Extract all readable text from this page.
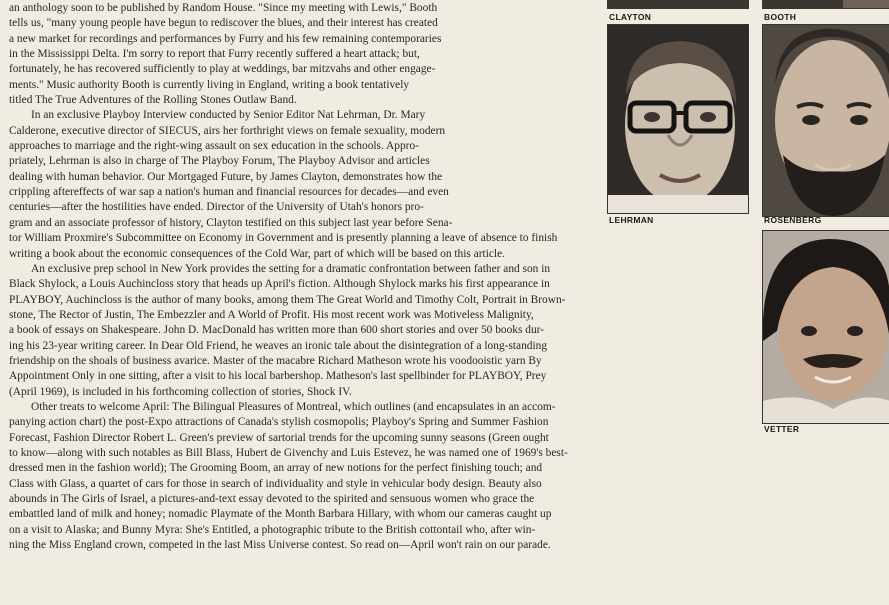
an anthology soon to be published by Random House. "Since my meeting with Lewis," Booth
tells us, "many young people have begun to rediscover the blues, and their interest has created
a new market for recordings and performances by Furry and his few remaining contemporaries
in the Mississippi Delta. I'm sorry to report that Furry recently suffered a heart attack; but,
fortunately, he has recovered sufficiently to play at weddings, bar mitzvahs and other engage-
ments." Music authority Booth is currently living in England, writing a book tentatively
titled The True Adventures of the Rolling Stones Outlaw Band.
In an exclusive Playboy Interview conducted by Senior Editor Nat Lehrman, Dr. Mary
Calderone, executive director of SIECUS, airs her forthright views on female sexuality, modern
approaches to marriage and the right-wing assault on sex education in the schools. Appro-
priately, Lehrman is also in charge of The Playboy Forum, The Playboy Advisor and articles
dealing with human behavior. Our Mortgaged Future, by James Clayton, demonstrates how the
crippling aftereffects of war sap a nation's human and financial resources for decades—and even
centuries—after the hostilities have ended. Director of the University of Utah's honors pro-
gram and an associate professor of history, Clayton testified on this subject last year before Sena-
tor William Proxmire's Subcommittee on Economy in Government and is presently planning a leave of absence to finish
writing a book about the economic consequences of the Cold War, part of which will be based on this article.
An exclusive prep school in New York provides the setting for a dramatic confrontation between father and son in
Black Shylock, a Louis Auchincloss story that heads up April's fiction. Although Shylock marks his first appearance in
PLAYBOY, Auchincloss is the author of many books, among them The Great World and Timothy Colt, Portrait in Brown-
stone, The Rector of Justin, The Embezzler and A World of Profit. His most recent work was Motiveless Malignity,
a book of essays on Shakespeare. John D. MacDonald has written more than 600 short stories and over 50 books dur-
ing his 23-year writing career. In Dear Old Friend, he weaves an ironic tale about the disintegration of a long-standing
friendship on the shoals of business avarice. Master of the macabre Richard Matheson wrote his voodooistic yarn By
Appointment Only in one sitting, after a visit to his local barbershop. Matheson's last spellbinder for PLAYBOY, Prey
(April 1969), is included in his forthcoming collection of stories, Shock IV.
Other treats to welcome April: The Bilingual Pleasures of Montreal, which outlines (and encapsulates in an accom-
panying action chart) the post-Expo attractions of Canada's stylish cosmopolis; Playboy's Spring and Summer Fashion
Forecast, Fashion Director Robert L. Green's preview of sartorial trends for the upcoming sunny seasons (Green ought
to know—along with such notables as Bill Blass, Hubert de Givenchy and Luis Estevez, he was named one of 1969's best-
dressed men in the fashion world); The Grooming Boom, an array of new notions for the perfect finishing touch; and
Class with Glass, a quartet of cars for those in search of individuality and style in vehicular body design. Beauty also
abounds in The Girls of Israel, a pictures-and-text essay devoted to the spirited and sensuous women who grace the
embattled land of milk and honey; nomadic Playmate of the Month Barbara Hillary, with whom our cameras caught up
on a visit to Alaska; and Bunny Myra: She's Entitled, a photographic tribute to the British cottontail who, after win-
ning the Miss England crown, competed in the last Miss Universe contest. So read on—April won't rain on our parade.
CLAYTON	BOOTH
LEHRMAN	ROSENBERG
VETTER
